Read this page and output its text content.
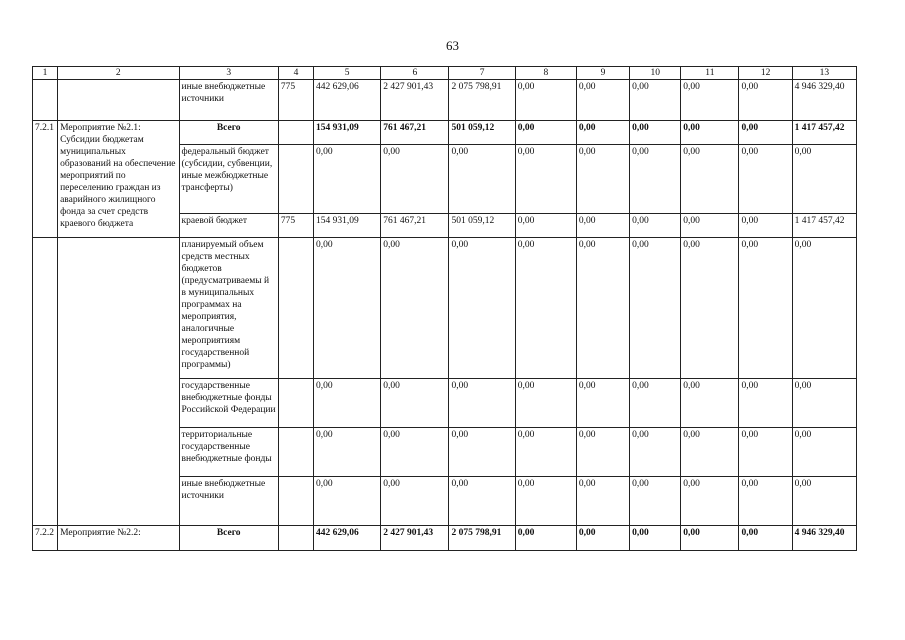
63
1	2	3	4	5	6	7	8	9	10	11	12	13
		иные внебюджетные источники	775	442 629,06	2 427 901,43	2 075 798,91	0,00	0,00	0,00	0,00	0,00	4 946 329,40
7.2.1	Мероприятие №2.1: Субсидии бюджетам муниципальных образований на обеспечение мероприятий по переселению граждан из аварийного жилищного фонда за счет средств краевого бюджета	Всего		154 931,09	761 467,21	501 059,12	0,00	0,00	0,00	0,00	0,00	1 417 457,42
		федеральный бюджет (субсидии, субвенции, иные межбюджетные трансферты)		0,00	0,00	0,00	0,00	0,00	0,00	0,00	0,00	0,00
		краевой бюджет	775	154 931,09	761 467,21	501 059,12	0,00	0,00	0,00	0,00	0,00	1 417 457,42
		планируемый объем средств местных бюджетов (предусматриваемы й в муниципальных программах на мероприятия, аналогичные мероприятиям государственной программы)		0,00	0,00	0,00	0,00	0,00	0,00	0,00	0,00	0,00
		государственные внебюджетные фонды Российской Федерации		0,00	0,00	0,00	0,00	0,00	0,00	0,00	0,00	0,00
		территориальные государственные внебюджетные фонды		0,00	0,00	0,00	0,00	0,00	0,00	0,00	0,00	0,00
		иные внебюджетные источники		0,00	0,00	0,00	0,00	0,00	0,00	0,00	0,00	0,00
7.2.2	Мероприятие №2.2:	Всего		442 629,06	2 427 901,43	2 075 798,91	0,00	0,00	0,00	0,00	0,00	4 946 329,40
